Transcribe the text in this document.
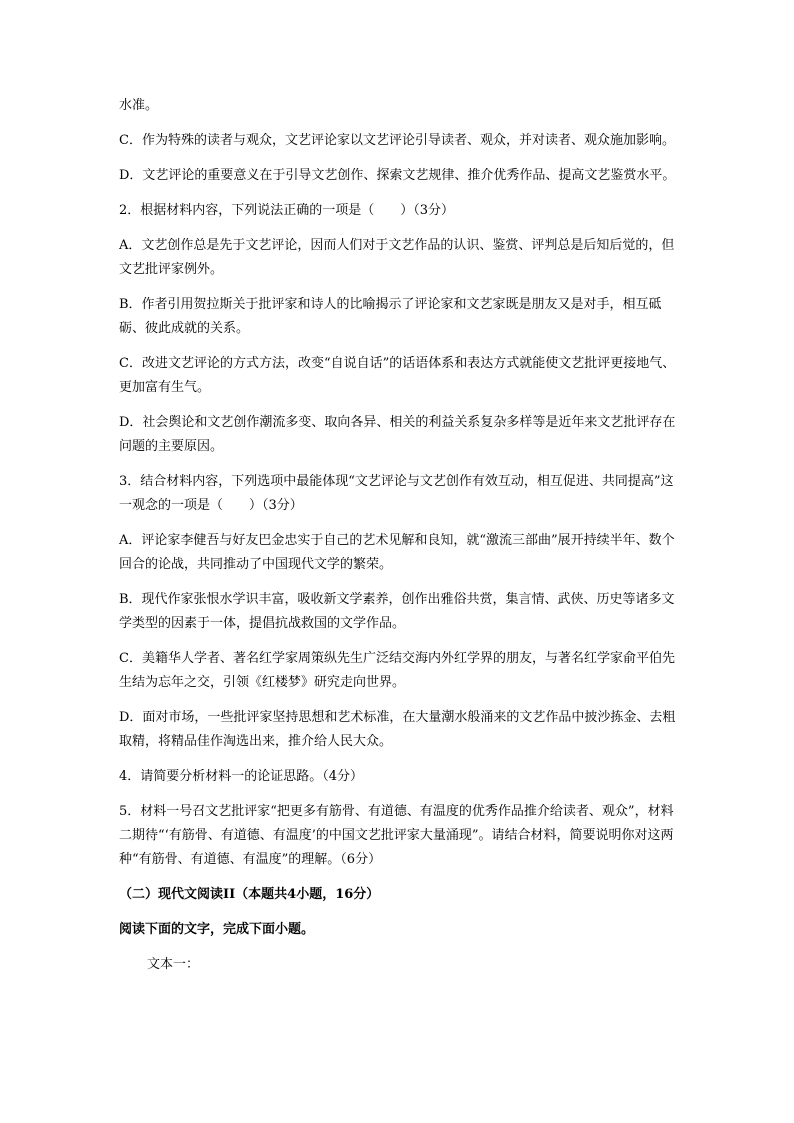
水准。

C．作为特殊的读者与观众，文艺评论家以文艺评论引导读者、观众，并对读者、观众施加影响。

D．文艺评论的重要意义在于引导文艺创作、探索文艺规律、推介优秀作品、提高文艺鉴赏水平。

2．根据材料内容，下列说法正确的一项是（　　）（3分）

A．文艺创作总是先于文艺评论，因而人们对于文艺作品的认识、鉴赏、评判总是后知后觉的，但文艺批评家例外。

B．作者引用贺拉斯关于批评家和诗人的比喻揭示了评论家和文艺家既是朋友又是对手，相互砥砺、彼此成就的关系。

C．改进文艺评论的方式方法，改变“自说自话”的话语体系和表达方式就能使文艺批评更接地气、更加富有生气。

D．社会舆论和文艺创作潮流多变、取向各异、相关的利益关系复杂多样等是近年来文艺批评存在问题的主要原因。

3．结合材料内容，下列选项中最能体现“文艺评论与文艺创作有效互动，相互促进、共同提高”这一观念的一项是（　　）（3分）

A．评论家李健吾与好友巴金忠实于自己的艺术见解和良知，就“激流三部曲”展开持续半年、数个回合的论战，共同推动了中国现代文学的繁荣。

B．现代作家张恨水学识丰富，吸收新文学素养，创作出雅俗共赏，集言情、武侠、历史等诸多文学类型的因素于一体，提倡抗战救国的文学作品。

C．美籍华人学者、著名红学家周策纵先生广泛结交海内外红学界的朋友，与著名红学家俞平伯先生结为忘年之交，引领《红楼梦》研究走向世界。

D．面对市场，一些批评家坚持思想和艺术标准，在大量潮水般涌来的文艺作品中披沙拣金、去粗取精，将精品佳作淘选出来，推介给人民大众。

4．请简要分析材料一的论证思路。（4分）

5．材料一号召文艺批评家“把更多有筋骨、有道德、有温度的优秀作品推介给读者、观众”，材料二期待“‘有筋骨、有道德、有温度’的中国文艺批评家大量涌现”。请结合材料，简要说明你对这两种“有筋骨、有道德、有温度”的理解。（6分）

（二）现代文阅读II（本题共4小题，16分）

阅读下面的文字，完成下面小题。

文本一：
